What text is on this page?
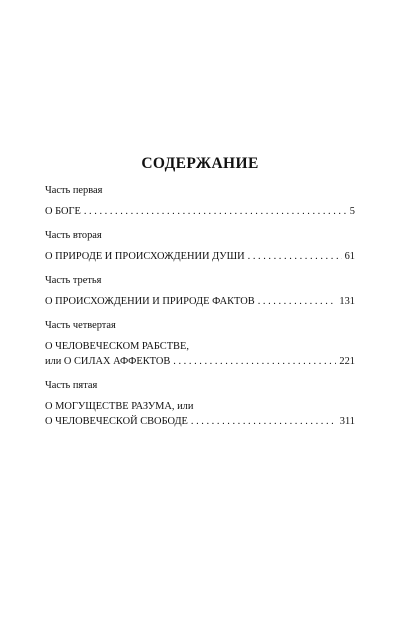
СОДЕРЖАНИЕ
Часть первая
О БОГЕ . . .	5
Часть вторая
О ПРИРОДЕ И ПРОИСХОЖДЕНИИ ДУШИ . . .	61
Часть третья
О ПРОИСХОЖДЕНИИ И ПРИРОДЕ ФАКТОВ . . .	131
Часть четвертая
О ЧЕЛОВЕЧЕСКОМ РАБСТВЕ,
или О СИЛАХ АФФЕКТОВ . . .	221
Часть пятая
О МОГУЩЕСТВЕ РАЗУМА, или
О ЧЕЛОВЕЧЕСКОЙ СВОБОДЕ . . .	311
